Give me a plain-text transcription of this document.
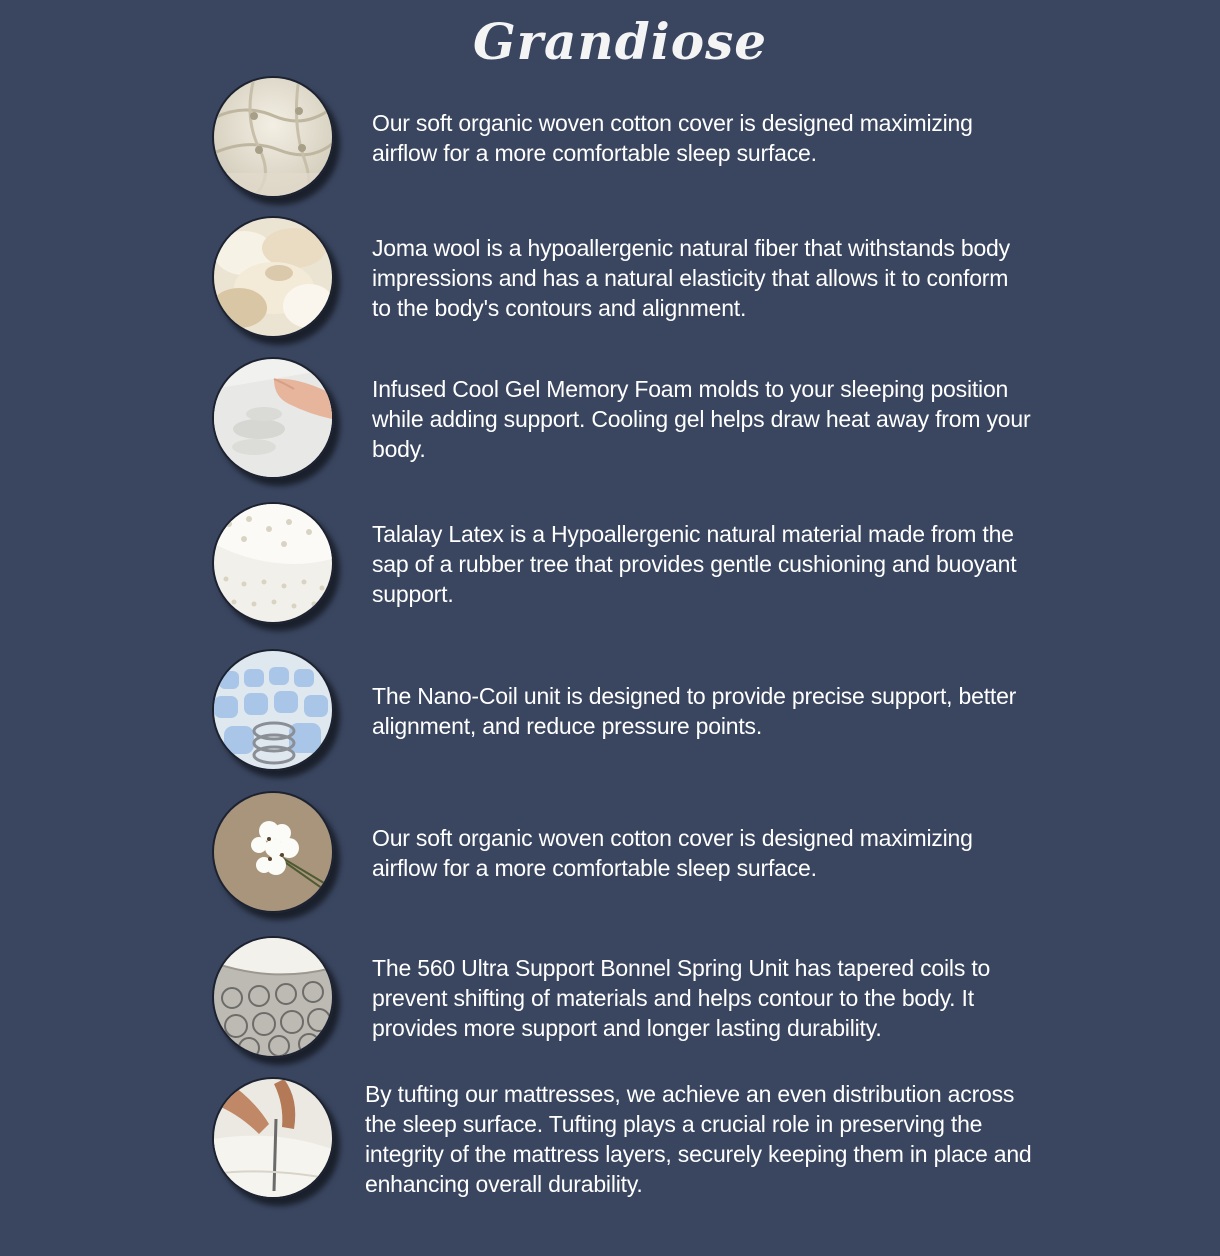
Grandiose
Our soft organic woven cotton cover is designed maximizing airflow for a more comfortable sleep surface.
Joma wool is a hypoallergenic natural fiber that withstands body impressions and has a natural elasticity that allows it to conform to the body's contours and alignment.
Infused Cool Gel Memory Foam molds to your sleeping position while adding support. Cooling gel helps draw heat away from your body.
Talalay Latex is a Hypoallergenic natural material made from the sap of a rubber tree that provides gentle cushioning and buoyant support.
The Nano-Coil unit is designed to provide precise support, better alignment, and reduce pressure points.
Our soft organic woven cotton cover is designed maximizing airflow for a more comfortable sleep surface.
The 560 Ultra Support Bonnel Spring Unit has tapered coils to prevent shifting of materials and helps contour to the body. It provides more support and longer lasting durability.
By tufting our mattresses, we achieve an even distribution across the sleep surface. Tufting plays a crucial role in preserving the integrity of the mattress layers, securely keeping them in place and enhancing overall durability.
